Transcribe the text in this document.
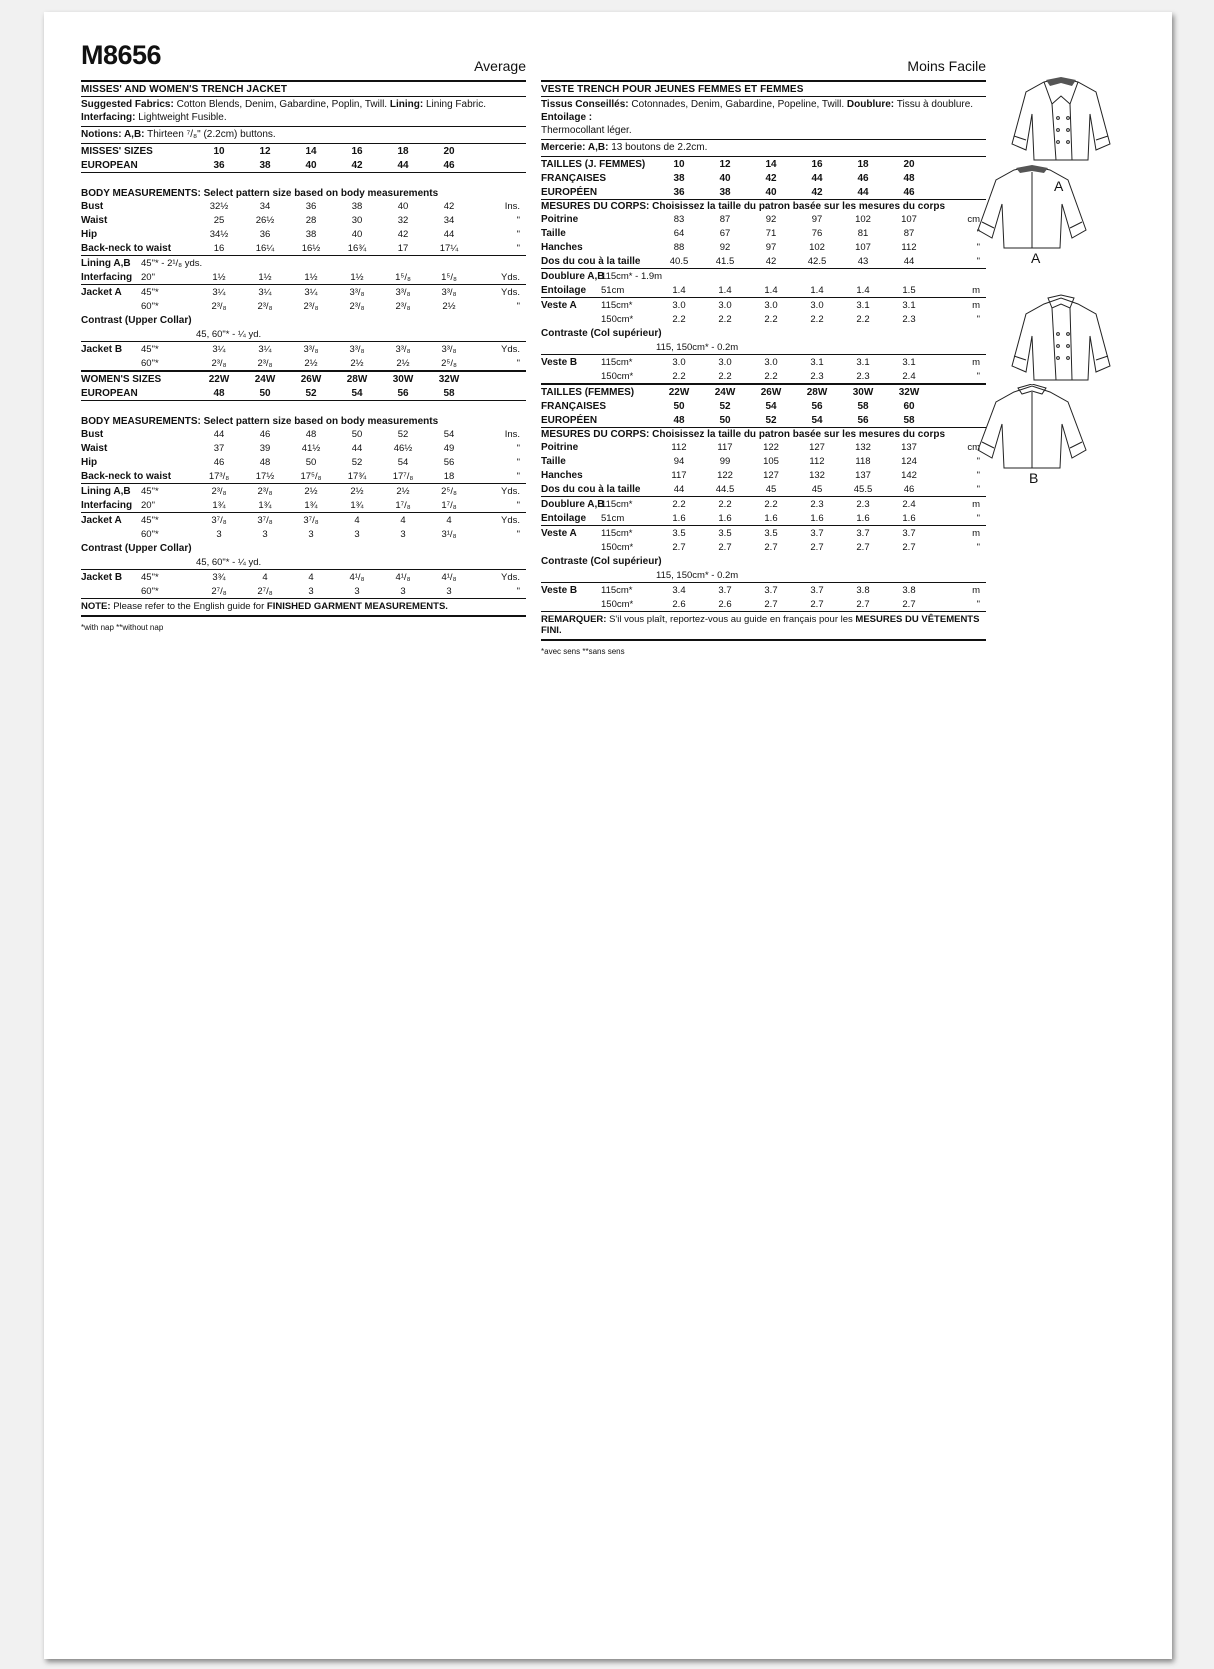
M8656	Average
MISSES' AND WOMEN'S TRENCH JACKET
Suggested Fabrics: Cotton Blends, Denim, Gabardine, Poplin, Twill. Lining: Lining Fabric.
Interfacing: Lightweight Fusible.
Notions: A,B: Thirteen ⁷/₈" (2.2cm) buttons.
MISSES' SIZES	10	12	14	16	18	20
EUROPEAN	36	38	40	42	44	46
BODY MEASUREMENTS: Select pattern size based on body measurements
Bust	32½	34	36	38	40	42	Ins.
Waist	25	26½	28	30	32	34	"
Hip	34½	36	38	40	42	44	"
Back-neck to waist	16	16¼	16½	16¾	17	17¼	"
Lining A,B	45"* - 2¹/₈ yds.
Interfacing 20"	1½	1½	1½	1½	1⁵/₈	1⁵/₈	Yds.
Jacket A	45"*	3¼	3¼	3¼	3³/₈	3³/₈	3³/₈	Yds.
60"*	2³/₈	2³/₈	2³/₈	2³/₈	2³/₈	2½	"
Contrast (Upper Collar)
45, 60"* - ¼ yd.
Jacket B	45"*	3¼	3¼	3³/₈	3³/₈	3³/₈	3³/₈	Yds.
60"*	2³/₈	2³/₈	2½	2½	2½	2⁵/₈	"
WOMEN'S SIZES	22W	24W	26W	28W	30W	32W
EUROPEAN	48	50	52	54	56	58
BODY MEASUREMENTS: Select pattern size based on body measurements
Bust	44	46	48	50	52	54	Ins.
Waist	37	39	41½	44	46½	49	"
Hip	46	48	50	52	54	56	"
Back-neck to waist	17³/₈	17½	17⁵/₈	17¾	17⁷/₈	18	"
Lining A,B	45"*	2³/₈	2³/₈	2½	2½	2½	2⁵/₈	Yds.
Interfacing 20"	1¾	1¾	1¾	1¾	1⁷/₈	1⁷/₈	"
Jacket A	45"*	3⁷/₈	3⁷/₈	3⁷/₈	4	4	4	Yds.
60"*	3	3	3	3	3	3¹/₈	"
Contrast (Upper Collar)
45, 60"* - ¼ yd.
Jacket B	45"*	3¾	4	4	4¹/₈	4¹/₈	4¹/₈	Yds.
60"*	2⁷/₈	2⁷/₈	3	3	3	3	"
NOTE: Please refer to the English guide for FINISHED GARMENT MEASUREMENTS.
*with nap **without nap
Moins Facile
VESTE TRENCH POUR JEUNES FEMMES ET FEMMES
Tissus Conseillés: Cotonnades, Denim, Gabardine, Popeline, Twill. Doublure: Tissu à doublure. Entoilage :
Thermocollant léger.
Mercerie: A,B: 13 boutons de 2.2cm.
TAILLES (J. FEMMES)	10	12	14	16	18	20
FRANÇAISES	38	40	42	44	46	48
EUROPÉEN	36	38	40	42	44	46
MESURES DU CORPS: Choisissez la taille du patron basée sur les mesures du corps
Poitrine	83	87	92	97	102	107	cm
Taille	64	67	71	76	81	87	"
Hanches	88	92	97	102	107	112	"
Dos du cou à la taille	40.5	41.5	42	42.5	43	44	"
Doublure A,B
115cm* - 1.9m
Entoilage	51cm	1.4	1.4	1.4	1.4	1.4	1.5	m
Veste A	115cm*	3.0	3.0	3.0	3.0	3.1	3.1	m
150cm*	2.2	2.2	2.2	2.2	2.2	2.3	"
Contraste (Col supérieur)
115, 150cm* - 0.2m
Veste B	115cm*	3.0	3.0	3.0	3.1	3.1	3.1	m
150cm*	2.2	2.2	2.2	2.3	2.3	2.4	"
TAILLES (FEMMES)	22W	24W	26W	28W	30W	32W
FRANÇAISES	50	52	54	56	58	60
EUROPÉEN	48	50	52	54	56	58
MESURES DU CORPS: Choisissez la taille du patron basée sur les mesures du corps
Poitrine	112	117	122	127	132	137	cm
Taille	94	99	105	112	118	124	"
Hanches	117	122	127	132	137	142	"
Dos du cou à la taille	44	44.5	45	45	45.5	46	"
Doublure A,B
115cm*	2.2	2.2	2.2	2.3	2.3	2.4	m
Entoilage	51cm	1.6	1.6	1.6	1.6	1.6	1.6	"
Veste A	115cm*	3.5	3.5	3.5	3.7	3.7	3.7	m
150cm*	2.7	2.7	2.7	2.7	2.7	2.7	"
Contraste (Col supérieur)
115, 150cm* - 0.2m
Veste B	115cm*	3.4	3.7	3.7	3.7	3.8	3.8	m
150cm*	2.6	2.6	2.7	2.7	2.7	2.7	"
REMARQUER: S'il vous plaît, reportez-vous au guide en français pour les MESURES DU VÊTEMENTS FINI.
*avec sens **sans sens
A
A
B
